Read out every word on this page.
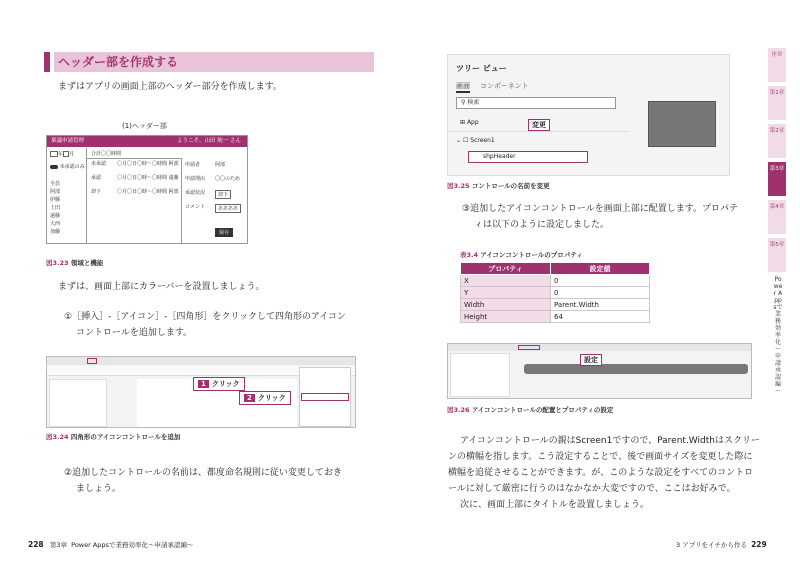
ヘッダー部を作成する
まずはアプリの画面上部のヘッダー部分を作成します。
(1)ヘッダー部
稟議申請管理	ようこそ、山田 純一 さん
年 月
未承認のみ
全員
阿部
伊藤
上田
遠藤
大西
加藤
合計〇〇時間
未承認 〇月〇日〇時～〇時間 阿部
承認	〇月〇日〇時～〇時間 遠藤
却下	〇月〇日〇時～〇時間 阿部
申請者	阿部
申請理由 〇〇のため
承認状況	却下
コメント	ああああ
保存
図3.23 領域と機能
まずは、画面上部にカラーバーを設置しましょう。
①［挿入］-［アイコン］-［四角形］をクリックして四角形のアイコン
コントロールを追加します。
1 クリック
2 クリック
図3.24 四角形のアイコンコントロールを追加
②追加したコントロールの名前は、都度命名規則に従い変更しておき
ましょう。
228 第3章 Power Appsで業務効率化～申請承認編～
ツリー ビュー
画面 コンポーネント
⚲ 検索
⊞ App
⌄ ☐ Screen1
shpHeader
変更
図3.25 コントロールの名前を変更
③追加したアイコンコントロールを画面上部に配置します。プロパテ
ィは以下のように設定しました。
表3.4 アイコンコントロールのプロパティ
プロパティ	設定値
X	0
Y	0
Width	Parent.Width
Height	64
設定
図3.26 アイコンコントロールの配置とプロパティの設定
アイコンコントロールの親はScreen1ですので、Parent.Widthはスクリー
ンの横幅を指します。こう設定することで、後で画面サイズを変更した際に
横幅を追従させることができます。が、このような設定をすべてのコントロ
ールに対して厳密に行うのはなかなか大変ですので、ここはお好みで。
次に、画面上部にタイトルを設置しましょう。
3 アプリをイチから作る 229
序章
第1章
第2章
第3章
第4章
第5章
Power Appsで業務効率化～申請承認編～
